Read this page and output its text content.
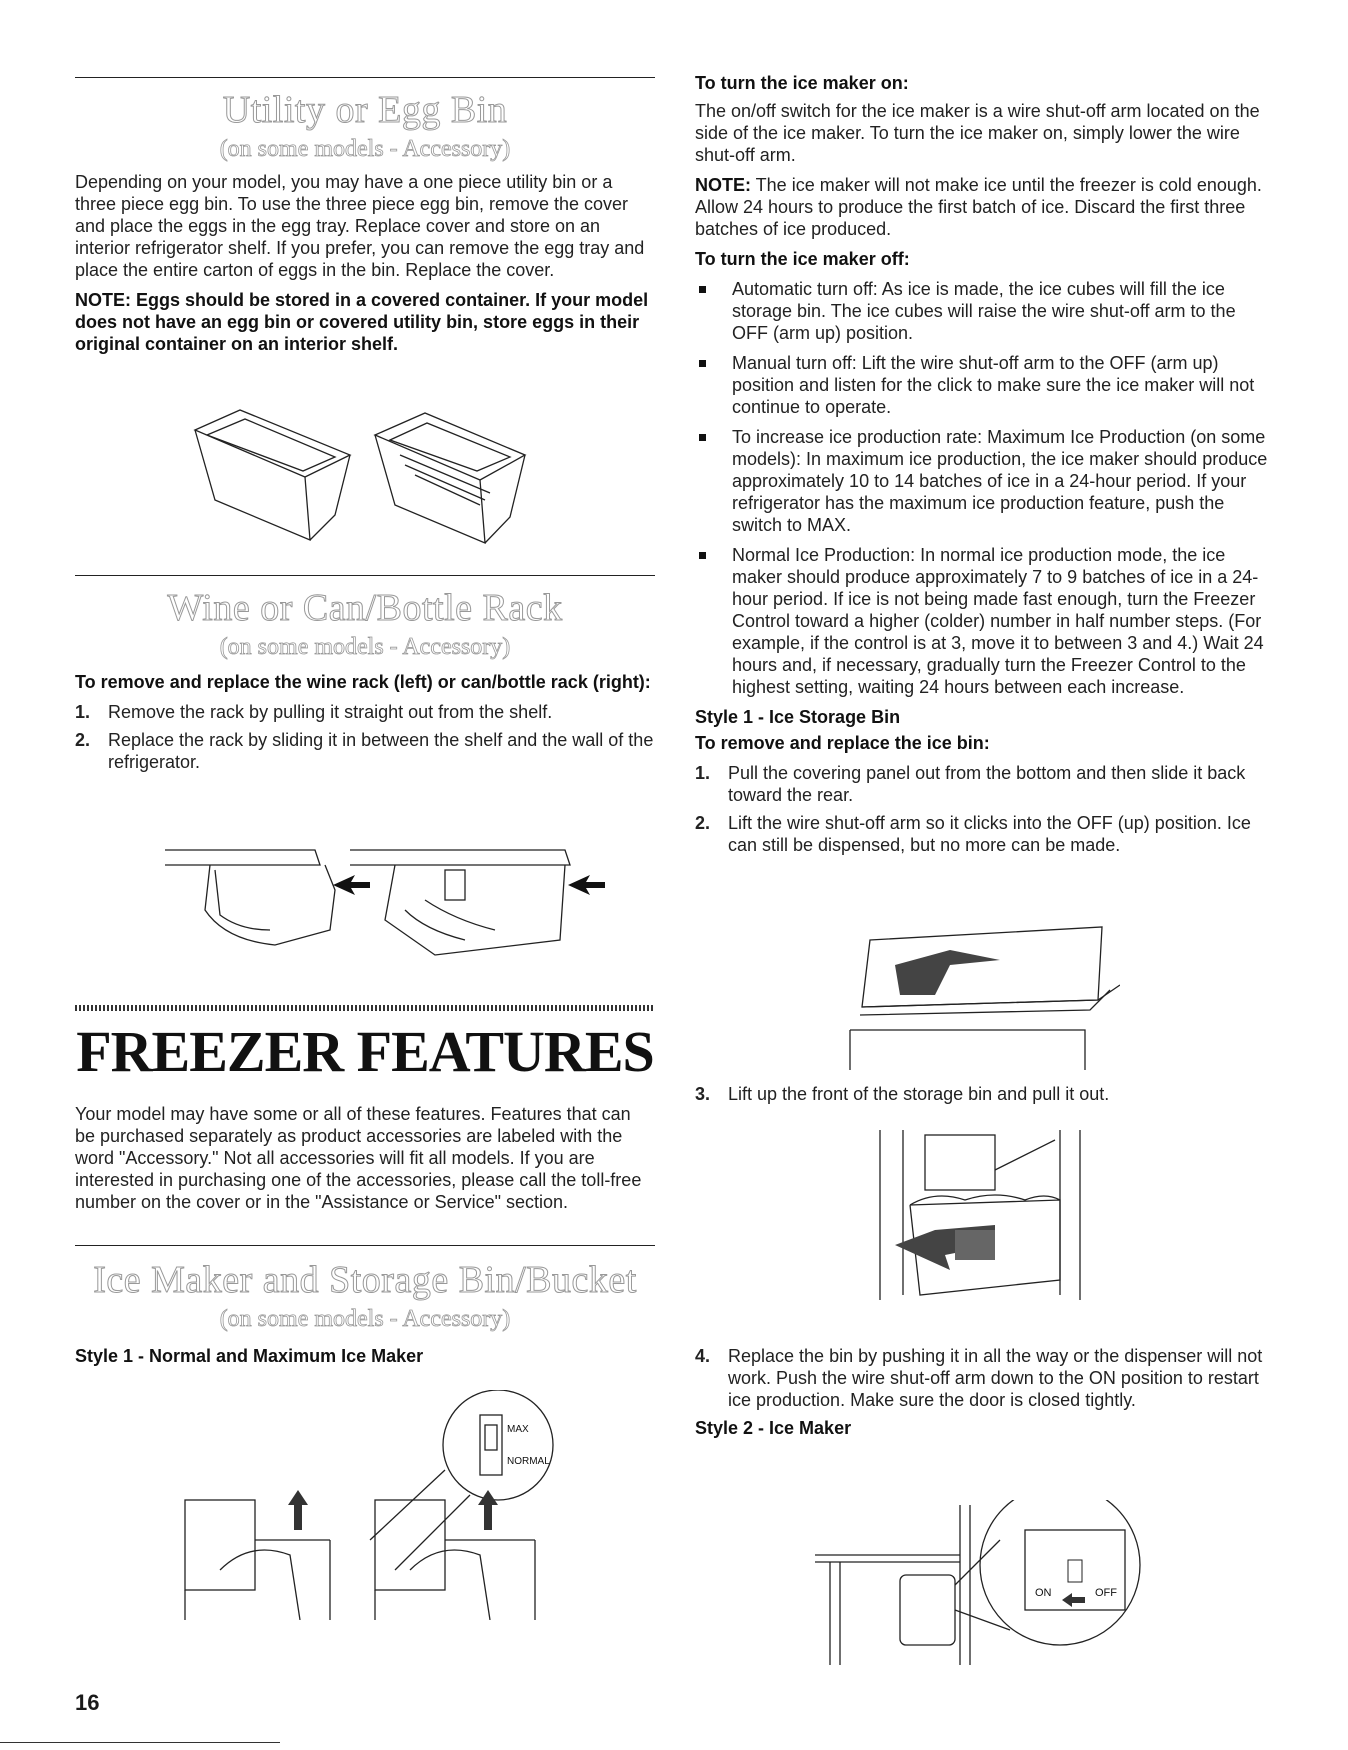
Utility or Egg Bin
(on some models - Accessory)

Depending on your model, you may have a one piece utility bin or a three piece egg bin. To use the three piece egg bin, remove the cover and place the eggs in the egg tray. Replace cover and store on an interior refrigerator shelf. If you prefer, you can remove the egg tray and place the entire carton of eggs in the bin. Replace the cover.

NOTE: Eggs should be stored in a covered container. If your model does not have an egg bin or covered utility bin, store eggs in their original container on an interior shelf.

Wine or Can/Bottle Rack
(on some models - Accessory)

To remove and replace the wine rack (left) or can/bottle rack (right):

1. Remove the rack by pulling it straight out from the shelf.
2. Replace the rack by sliding it in between the shelf and the wall of the refrigerator.
FREEZER FEATURES

Your model may have some or all of these features. Features that can be purchased separately as product accessories are labeled with the word "Accessory." Not all accessories will fit all models. If you are interested in purchasing one of the accessories, please call the toll-free number on the cover or in the "Assistance or Service" section.

Ice Maker and Storage Bin/Bucket
(on some models - Accessory)

Style 1 - Normal and Maximum Ice Maker

MAX
NORMAL

To turn the ice maker on:

The on/off switch for the ice maker is a wire shut-off arm located on the side of the ice maker. To turn the ice maker on, simply lower the wire shut-off arm.

NOTE: The ice maker will not make ice until the freezer is cold enough. Allow 24 hours to produce the first batch of ice. Discard the first three batches of ice produced.

To turn the ice maker off:

Automatic turn off: As ice is made, the ice cubes will fill the ice storage bin. The ice cubes will raise the wire shut-off arm to the OFF (arm up) position.
Manual turn off: Lift the wire shut-off arm to the OFF (arm up) position and listen for the click to make sure the ice maker will not continue to operate.
To increase ice production rate: Maximum Ice Production (on some models): In maximum ice production, the ice maker should produce approximately 10 to 14 batches of ice in a 24-hour period. If your refrigerator has the maximum ice production feature, push the switch to MAX.
Normal Ice Production: In normal ice production mode, the ice maker should produce approximately 7 to 9 batches of ice in a 24-hour period. If ice is not being made fast enough, turn the Freezer Control toward a higher (colder) number in half number steps. (For example, if the control is at 3, move it to between 3 and 4.) Wait 24 hours and, if necessary, gradually turn the Freezer Control to the highest setting, waiting 24 hours between each increase.

Style 1 - Ice Storage Bin

To remove and replace the ice bin:

1. Pull the covering panel out from the bottom and then slide it back toward the rear.
2. Lift the wire shut-off arm so it clicks into the OFF (up) position. Ice can still be dispensed, but no more can be made.
3. Lift up the front of the storage bin and pull it out.
4. Replace the bin by pushing it in all the way or the dispenser will not work. Push the wire shut-off arm down to the ON position to restart ice production. Make sure the door is closed tightly.

Style 2 - Ice Maker

ON	OFF
16
